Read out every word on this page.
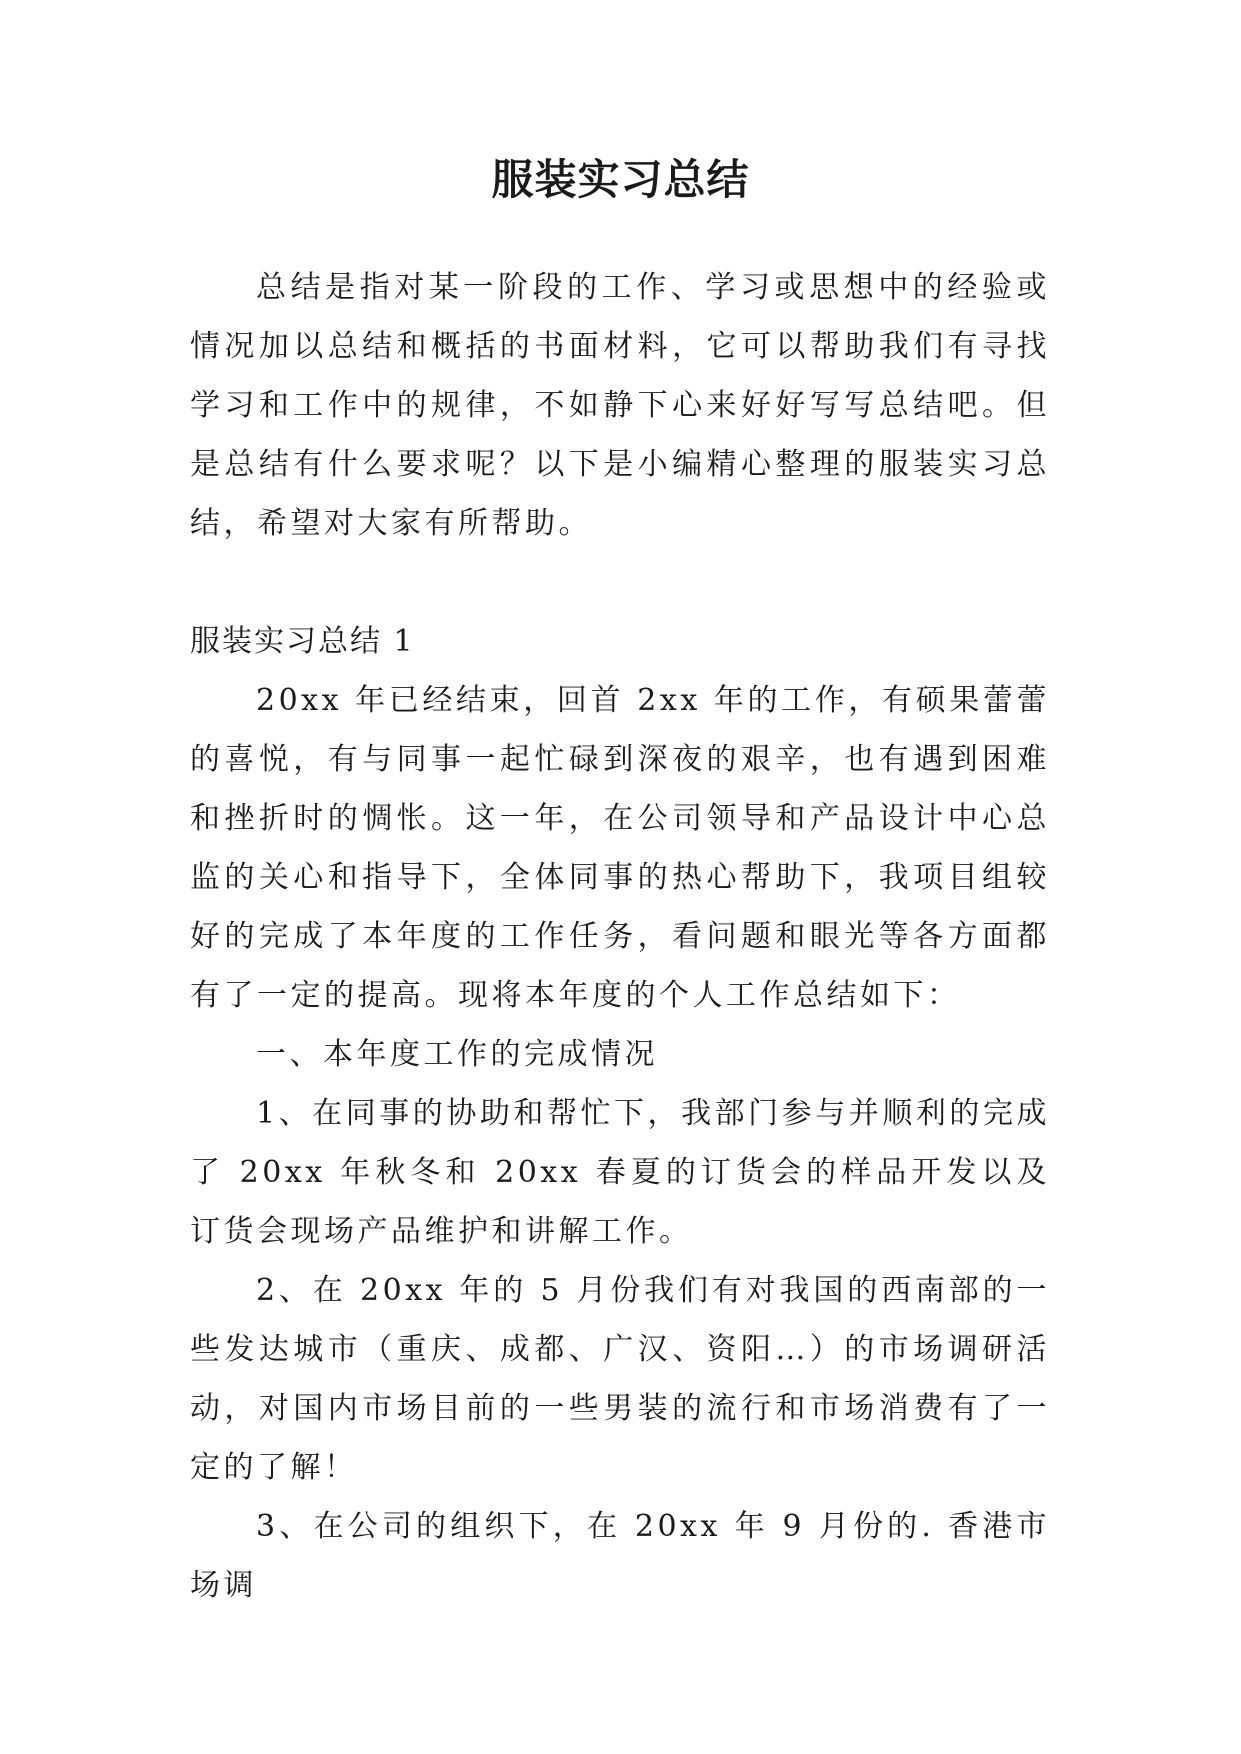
服装实习总结

总结是指对某一阶段的工作、学习或思想中的经验或情况加以总结和概括的书面材料，它可以帮助我们有寻找学习和工作中的规律，不如静下心来好好写写总结吧。但是总结有什么要求呢？以下是小编精心整理的服装实习总结，希望对大家有所帮助。

服装实习总结 1

20xx 年已经结束，回首 2xx 年的工作，有硕果蕾蕾的喜悦，有与同事一起忙碌到深夜的艰辛，也有遇到困难和挫折时的惆怅。这一年，在公司领导和产品设计中心总监的关心和指导下，全体同事的热心帮助下，我项目组较好的完成了本年度的工作任务，看问题和眼光等各方面都有了一定的提高。现将本年度的个人工作总结如下：

一、本年度工作的完成情况

1、在同事的协助和帮忙下，我部门参与并顺利的完成了 20xx 年秋冬和 20xx 春夏的订货会的样品开发以及订货会现场产品维护和讲解工作。

2、在 20xx 年的 5 月份我们有对我国的西南部的一些发达城市（重庆、成都、广汉、资阳…）的市场调研活动，对国内市场目前的一些男装的流行和市场消费有了一定的了解！

3、在公司的组织下，在 20xx 年 9 月份的. 香港市场调
